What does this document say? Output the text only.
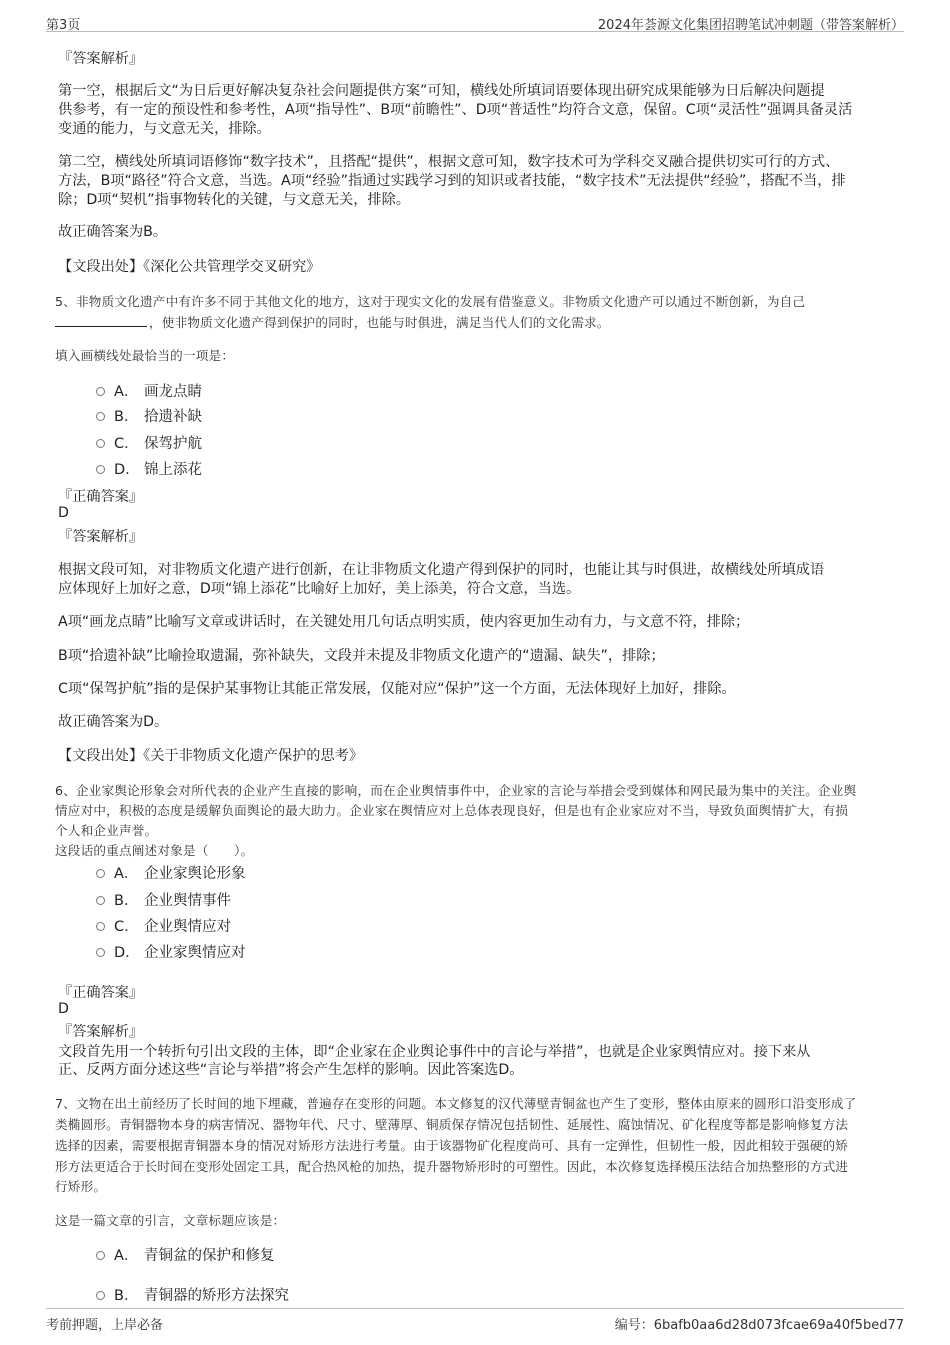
第3页	2024年荟源文化集团招聘笔试冲刺题（带答案解析）
『答案解析』
第一空，根据后文“为日后更好解决复杂社会问题提供方案”可知，横线处所填词语要体现出研究成果能够为日后解决问题提
供参考，有一定的预设性和参考性，A项“指导性”、B项“前瞻性”、D项“普适性”均符合文意，保留。C项“灵活性”强调具备灵活
变通的能力，与文意无关，排除。
第二空，横线处所填词语修饰“数字技术”，且搭配“提供”，根据文意可知，数字技术可为学科交叉融合提供切实可行的方式、
方法，B项“路径”符合文意，当选。A项“经验”指通过实践学习到的知识或者技能，“数字技术”无法提供“经验”，搭配不当，排
除；D项“契机”指事物转化的关键，与文意无关，排除。
故正确答案为B。
【文段出处】《深化公共管理学交叉研究》
5、非物质文化遗产中有许多不同于其他文化的地方，这对于现实文化的发展有借鉴意义。非物质文化遗产可以通过不断创新，为自己
，使非物质文化遗产得到保护的同时，也能与时俱进，满足当代人们的文化需求。
填入画横线处最恰当的一项是：
A． 画龙点睛
B． 拾遗补缺
C． 保驾护航
D． 锦上添花
『正确答案』
D
『答案解析』
根据文段可知，对非物质文化遗产进行创新，在让非物质文化遗产得到保护的同时，也能让其与时俱进，故横线处所填成语
应体现好上加好之意，D项“锦上添花”比喻好上加好，美上添美，符合文意，当选。
A项“画龙点睛”比喻写文章或讲话时，在关键处用几句话点明实质，使内容更加生动有力，与文意不符，排除；
B项“拾遗补缺”比喻捡取遗漏，弥补缺失，文段并未提及非物质文化遗产的“遗漏、缺失”，排除；
C项“保驾护航”指的是保护某事物让其能正常发展，仅能对应“保护”这一个方面，无法体现好上加好，排除。
故正确答案为D。
【文段出处】《关于非物质文化遗产保护的思考》
6、企业家舆论形象会对所代表的企业产生直接的影响，而在企业舆情事件中，企业家的言论与举措会受到媒体和网民最为集中的关注。企业舆
情应对中，积极的态度是缓解负面舆论的最大助力。企业家在舆情应对上总体表现良好，但是也有企业家应对不当，导致负面舆情扩大，有损
个人和企业声誉。
这段话的重点阐述对象是（　　）。
A． 企业家舆论形象
B． 企业舆情事件
C． 企业舆情应对
D． 企业家舆情应对
『正确答案』
D
『答案解析』
文段首先用一个转折句引出文段的主体，即“企业家在企业舆论事件中的言论与举措”，也就是企业家舆情应对。接下来从
正、反两方面分述这些“言论与举措”将会产生怎样的影响。因此答案选D。
7、文物在出土前经历了长时间的地下埋藏，普遍存在变形的问题。本文修复的汉代薄壁青铜盆也产生了变形，整体由原来的圆形口沿变形成了
类椭圆形。青铜器物本身的病害情况、器物年代、尺寸、壁薄厚、铜质保存情况包括韧性、延展性、腐蚀情况、矿化程度等都是影响修复方法
选择的因素，需要根据青铜器本身的情况对矫形方法进行考量。由于该器物矿化程度尚可、具有一定弹性，但韧性一般，因此相较于强硬的矫
形方法更适合于长时间在变形处固定工具，配合热风枪的加热，提升器物矫形时的可塑性。因此，本次修复选择模压法结合加热整形的方式进
行矫形。
这是一篇文章的引言，文章标题应该是：
A． 青铜盆的保护和修复
B． 青铜器的矫形方法探究
考前押题，上岸必备	编号：6bafb0aa6d28d073fcae69a40f5bed77
